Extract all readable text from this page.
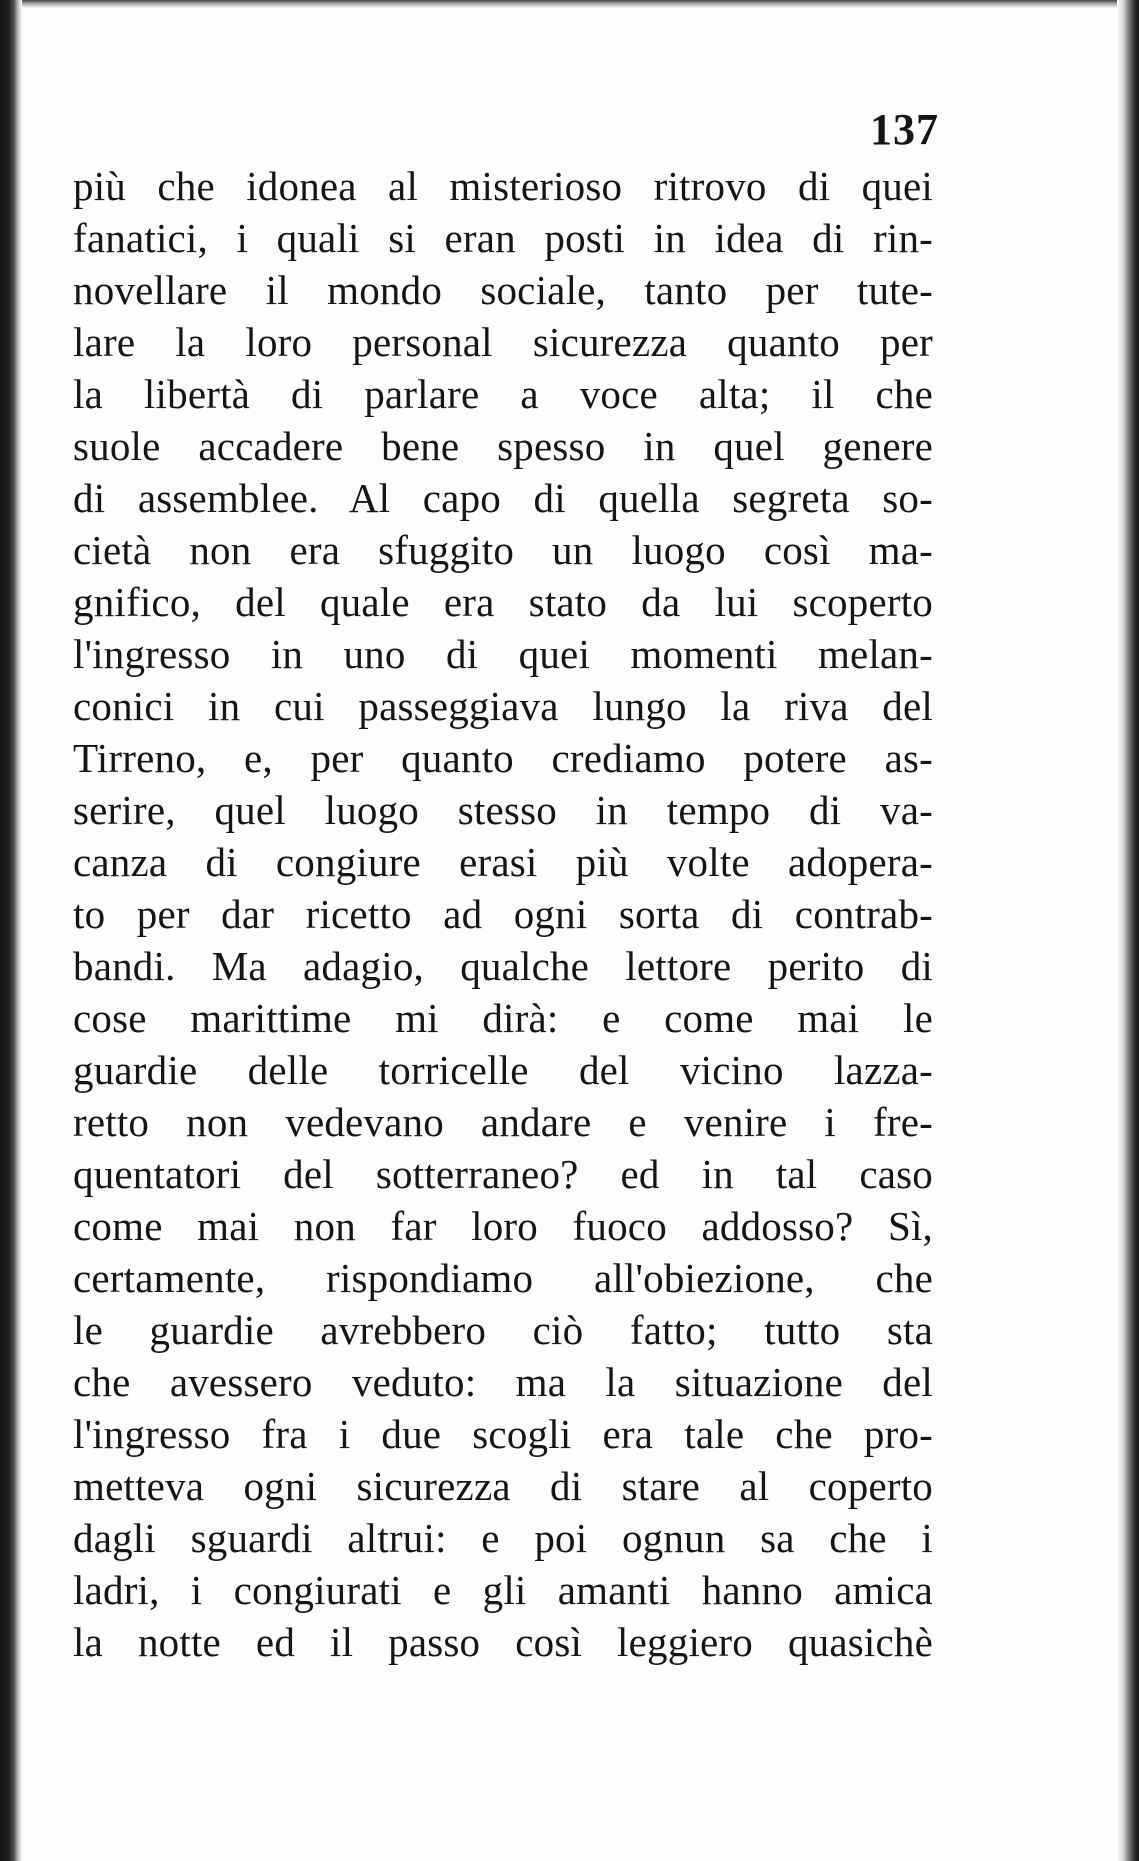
137
più che idonea al misterioso ritrovo di quei
fanatici, i quali si eran posti in idea di rin-
novellare il mondo sociale, tanto per tute-
lare la loro personal sicurezza quanto per
la libertà di parlare a voce alta; il che
suole accadere bene spesso in quel genere
di assemblee. Al capo di quella segreta so-
cietà non era sfuggito un luogo così ma-
gnifico, del quale era stato da lui scoperto
l'ingresso in uno di quei momenti melan-
conici in cui passeggiava lungo la riva del
Tirreno, e, per quanto crediamo potere as-
serire, quel luogo stesso in tempo di va-
canza di congiure erasi più volte adopera-
to per dar ricetto ad ogni sorta di contrab-
bandi. Ma adagio, qualche lettore perito di
cose marittime mi dirà: e come mai le
guardie delle torricelle del vicino lazza-
retto non vedevano andare e venire i fre-
quentatori del sotterraneo? ed in tal caso
come mai non far loro fuoco addosso? Sì,
certamente, rispondiamo all'obiezione, che
le guardie avrebbero ciò fatto; tutto sta
che avessero veduto: ma la situazione del
l'ingresso fra i due scogli era tale che pro-
metteva ogni sicurezza di stare al coperto
dagli sguardi altrui: e poi ognun sa che i
ladri, i congiurati e gli amanti hanno amica
la notte ed il passo così leggiero quasichè
